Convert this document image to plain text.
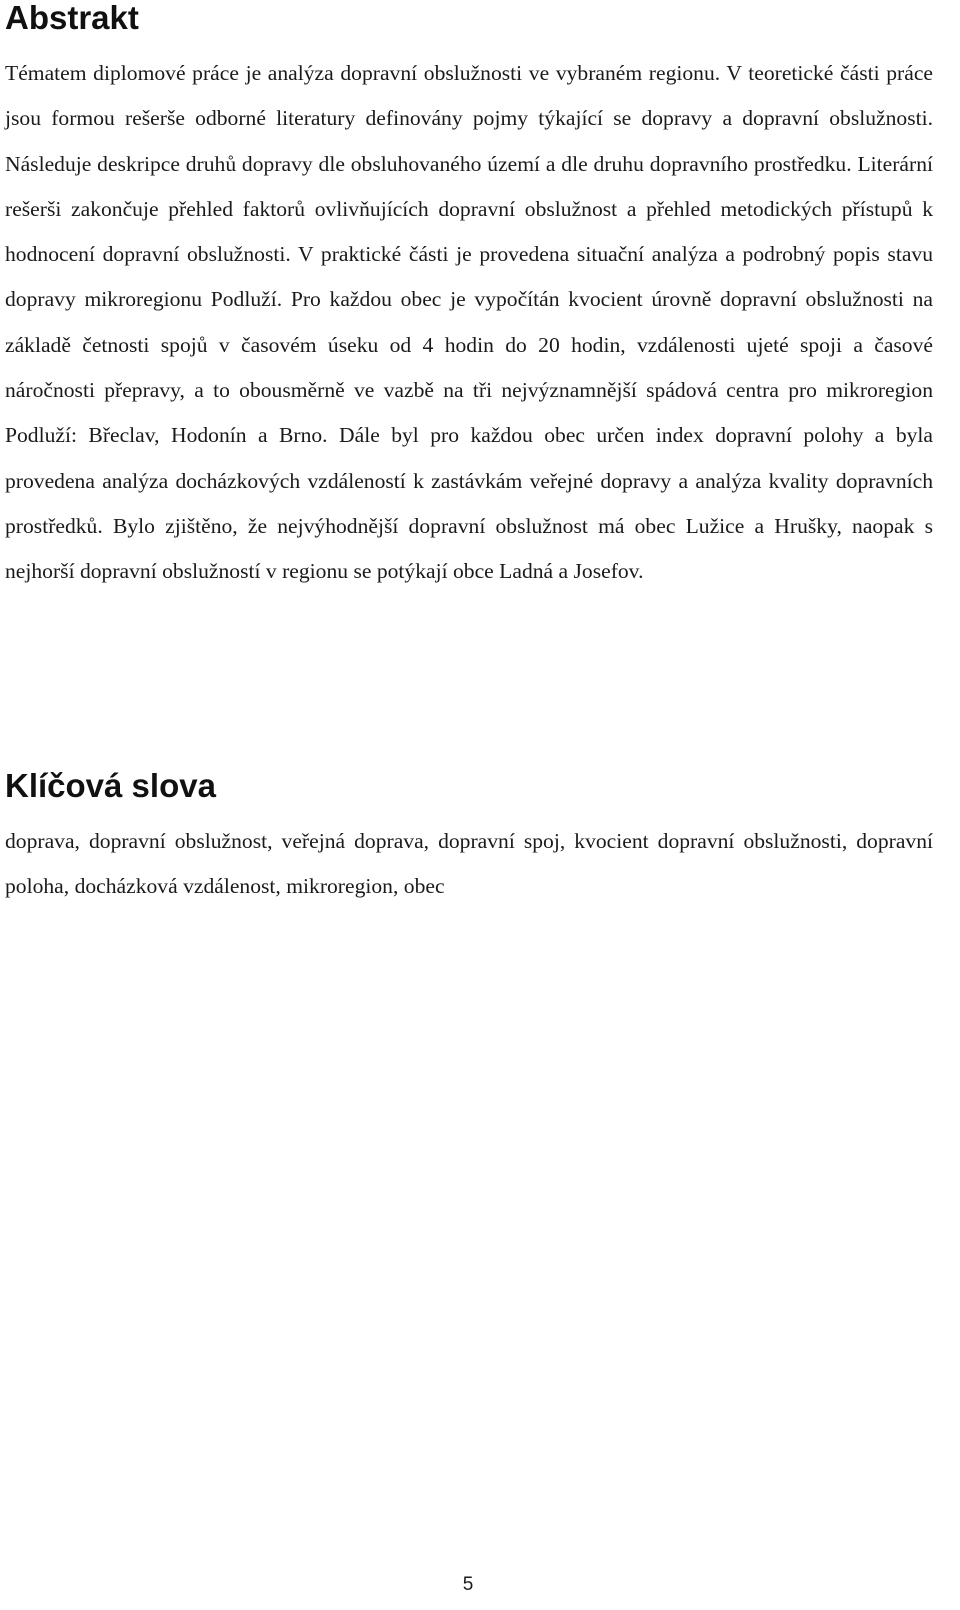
Abstrakt

Tématem diplomové práce je analýza dopravní obslužnosti ve vybraném regionu. V teoretické části práce jsou formou rešerše odborné literatury definovány pojmy týkající se dopravy a dopravní obslužnosti. Následuje deskripce druhů dopravy dle obsluhovaného území a dle druhu dopravního prostředku. Literární rešerši zakončuje přehled faktorů ovlivňujících dopravní obslužnost a přehled metodických přístupů k hodnocení dopravní obslužnosti. V praktické části je provedena situační analýza a podrobný popis stavu dopravy mikroregionu Podluží. Pro každou obec je vypočítán kvocient úrovně dopravní obslužnosti na základě četnosti spojů v časovém úseku od 4 hodin do 20 hodin, vzdálenosti ujeté spoji a časové náročnosti přepravy, a to obousměrně ve vazbě na tři nejvýznamnější spádová centra pro mikroregion Podluží: Břeclav, Hodonín a Brno. Dále byl pro každou obec určen index dopravní polohy a byla provedena analýza docházkových vzdáleností k zastávkám veřejné dopravy a analýza kvality dopravních prostředků. Bylo zjištěno, že nejvýhodnější dopravní obslužnost má obec Lužice a Hrušky, naopak s nejhorší dopravní obslužností v regionu se potýkají obce Ladná a Josefov.

Klíčová slova

doprava, dopravní obslužnost, veřejná doprava, dopravní spoj, kvocient dopravní obslužnosti, dopravní poloha, docházková vzdálenost, mikroregion, obec

5
